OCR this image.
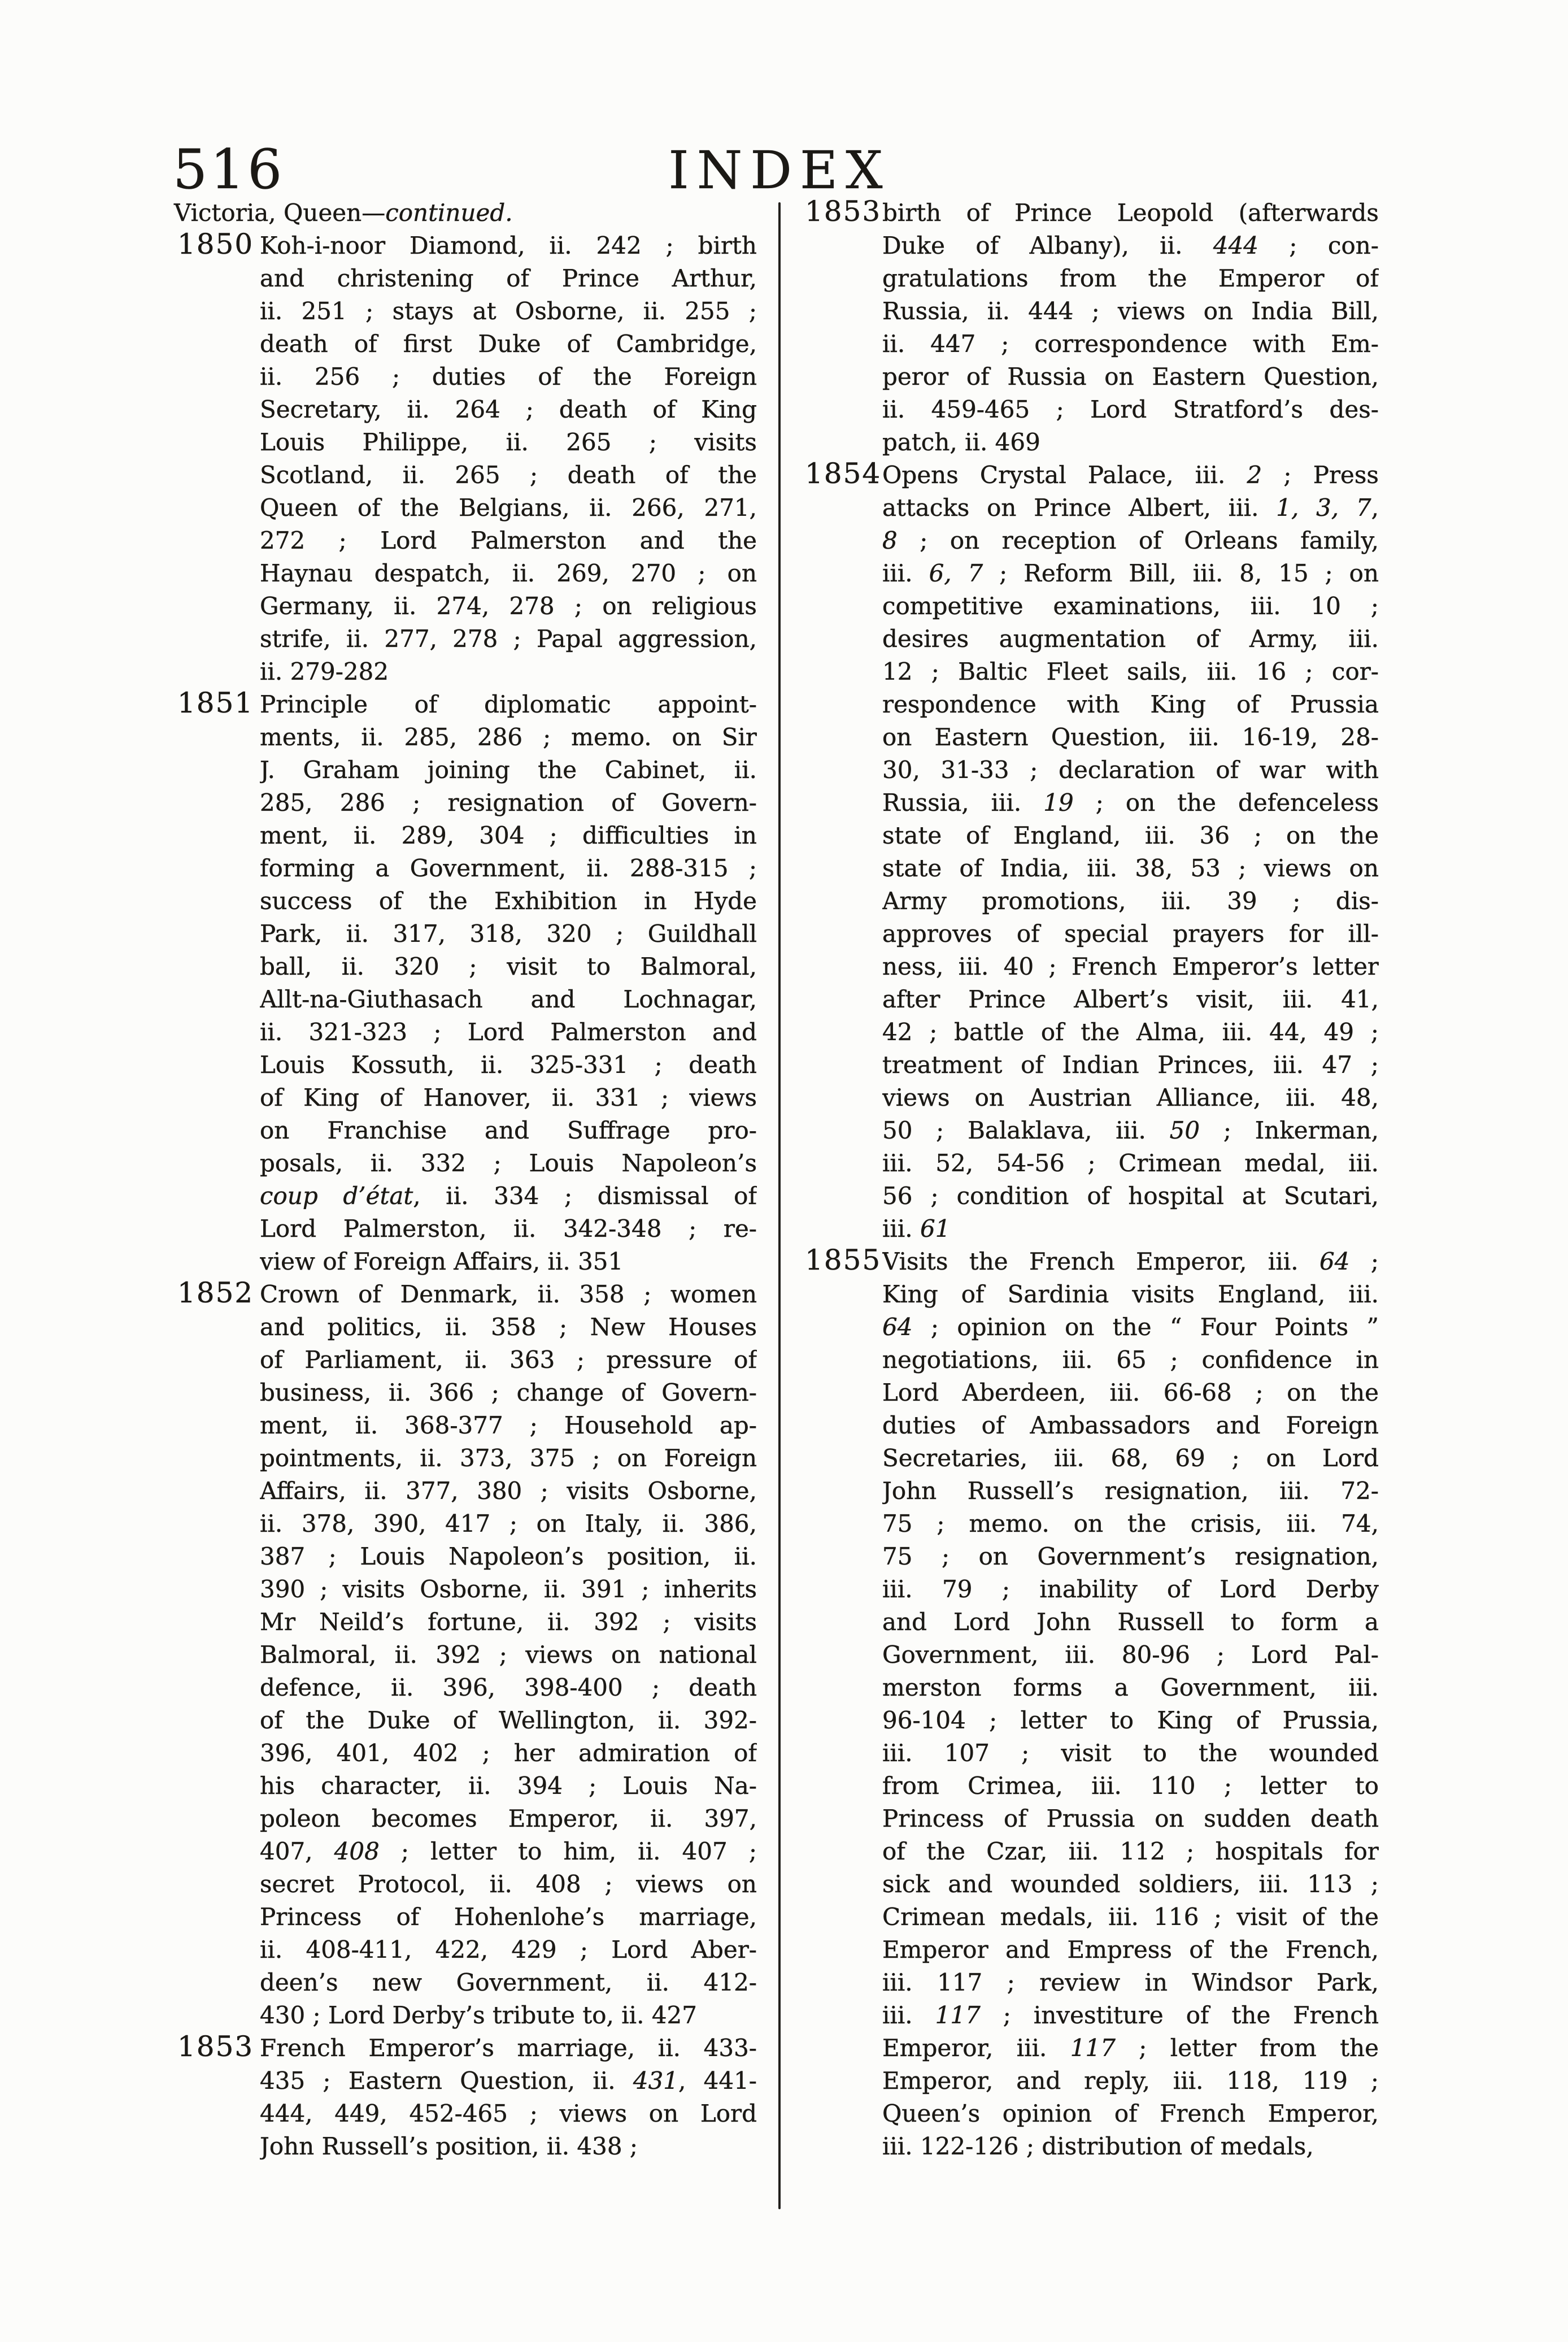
516	INDEX
Victoria, Queen—continued.
1850 Koh-i-noor Diamond, ii. 242 ; birth
and christening of Prince Arthur,
ii. 251 ; stays at Osborne, ii. 255 ;
death of first Duke of Cambridge,
ii. 256 ; duties of the Foreign
Secretary, ii. 264 ; death of King
Louis Philippe, ii. 265 ; visits
Scotland, ii. 265 ; death of the
Queen of the Belgians, ii. 266, 271,
272 ; Lord Palmerston and the
Haynau despatch, ii. 269, 270 ; on
Germany, ii. 274, 278 ; on religious
strife, ii. 277, 278 ; Papal aggression,
ii. 279-282
1851 Principle of diplomatic appoint-
ments, ii. 285, 286 ; memo. on Sir
J. Graham joining the Cabinet, ii.
285, 286 ; resignation of Govern-
ment, ii. 289, 304 ; difficulties in
forming a Government, ii. 288-315 ;
success of the Exhibition in Hyde
Park, ii. 317, 318, 320 ; Guildhall
ball, ii. 320 ; visit to Balmoral,
Allt-na-Giuthasach and Lochnagar,
ii. 321-323 ; Lord Palmerston and
Louis Kossuth, ii. 325-331 ; death
of King of Hanover, ii. 331 ; views
on Franchise and Suffrage pro-
posals, ii. 332 ; Louis Napoleon’s
coup d’état, ii. 334 ; dismissal of
Lord Palmerston, ii. 342-348 ; re-
view of Foreign Affairs, ii. 351
1852 Crown of Denmark, ii. 358 ; women
and politics, ii. 358 ; New Houses
of Parliament, ii. 363 ; pressure of
business, ii. 366 ; change of Govern-
ment, ii. 368-377 ; Household ap-
pointments, ii. 373, 375 ; on Foreign
Affairs, ii. 377, 380 ; visits Osborne,
ii. 378, 390, 417 ; on Italy, ii. 386,
387 ; Louis Napoleon’s position, ii.
390 ; visits Osborne, ii. 391 ; inherits
Mr Neild’s fortune, ii. 392 ; visits
Balmoral, ii. 392 ; views on national
defence, ii. 396, 398-400 ; death
of the Duke of Wellington, ii. 392-
396, 401, 402 ; her admiration of
his character, ii. 394 ; Louis Na-
poleon becomes Emperor, ii. 397,
407, 408 ; letter to him, ii. 407 ;
secret Protocol, ii. 408 ; views on
Princess of Hohenlohe’s marriage,
ii. 408-411, 422, 429 ; Lord Aber-
deen’s new Government, ii. 412-
430 ; Lord Derby’s tribute to, ii. 427
1853 French Emperor’s marriage, ii. 433-
435 ; Eastern Question, ii. 431, 441-
444, 449, 452-465 ; views on Lord
John Russell’s position, ii. 438 ;
1853 birth of Prince Leopold (afterwards
Duke of Albany), ii. 444 ; con-
gratulations from the Emperor of
Russia, ii. 444 ; views on India Bill,
ii. 447 ; correspondence with Em-
peror of Russia on Eastern Question,
ii. 459-465 ; Lord Stratford’s des-
patch, ii. 469
1854 Opens Crystal Palace, iii. 2 ; Press
attacks on Prince Albert, iii. 1, 3, 7,
8 ; on reception of Orleans family,
iii. 6, 7 ; Reform Bill, iii. 8, 15 ; on
competitive examinations, iii. 10 ;
desires augmentation of Army, iii.
12 ; Baltic Fleet sails, iii. 16 ; cor-
respondence with King of Prussia
on Eastern Question, iii. 16-19, 28-
30, 31-33 ; declaration of war with
Russia, iii. 19 ; on the defenceless
state of England, iii. 36 ; on the
state of India, iii. 38, 53 ; views on
Army promotions, iii. 39 ; dis-
approves of special prayers for ill-
ness, iii. 40 ; French Emperor’s letter
after Prince Albert’s visit, iii. 41,
42 ; battle of the Alma, iii. 44, 49 ;
treatment of Indian Princes, iii. 47 ;
views on Austrian Alliance, iii. 48,
50 ; Balaklava, iii. 50 ; Inkerman,
iii. 52, 54-56 ; Crimean medal, iii.
56 ; condition of hospital at Scutari,
iii. 61
1855 Visits the French Emperor, iii. 64 ;
King of Sardinia visits England, iii.
64 ; opinion on the “ Four Points ”
negotiations, iii. 65 ; confidence in
Lord Aberdeen, iii. 66-68 ; on the
duties of Ambassadors and Foreign
Secretaries, iii. 68, 69 ; on Lord
John Russell’s resignation, iii. 72-
75 ; memo. on the crisis, iii. 74,
75 ; on Government’s resignation,
iii. 79 ; inability of Lord Derby
and Lord John Russell to form a
Government, iii. 80-96 ; Lord Pal-
merston forms a Government, iii.
96-104 ; letter to King of Prussia,
iii. 107 ; visit to the wounded
from Crimea, iii. 110 ; letter to
Princess of Prussia on sudden death
of the Czar, iii. 112 ; hospitals for
sick and wounded soldiers, iii. 113 ;
Crimean medals, iii. 116 ; visit of the
Emperor and Empress of the French,
iii. 117 ; review in Windsor Park,
iii. 117 ; investiture of the French
Emperor, iii. 117 ; letter from the
Emperor, and reply, iii. 118, 119 ;
Queen’s opinion of French Emperor,
iii. 122-126 ; distribution of medals,
